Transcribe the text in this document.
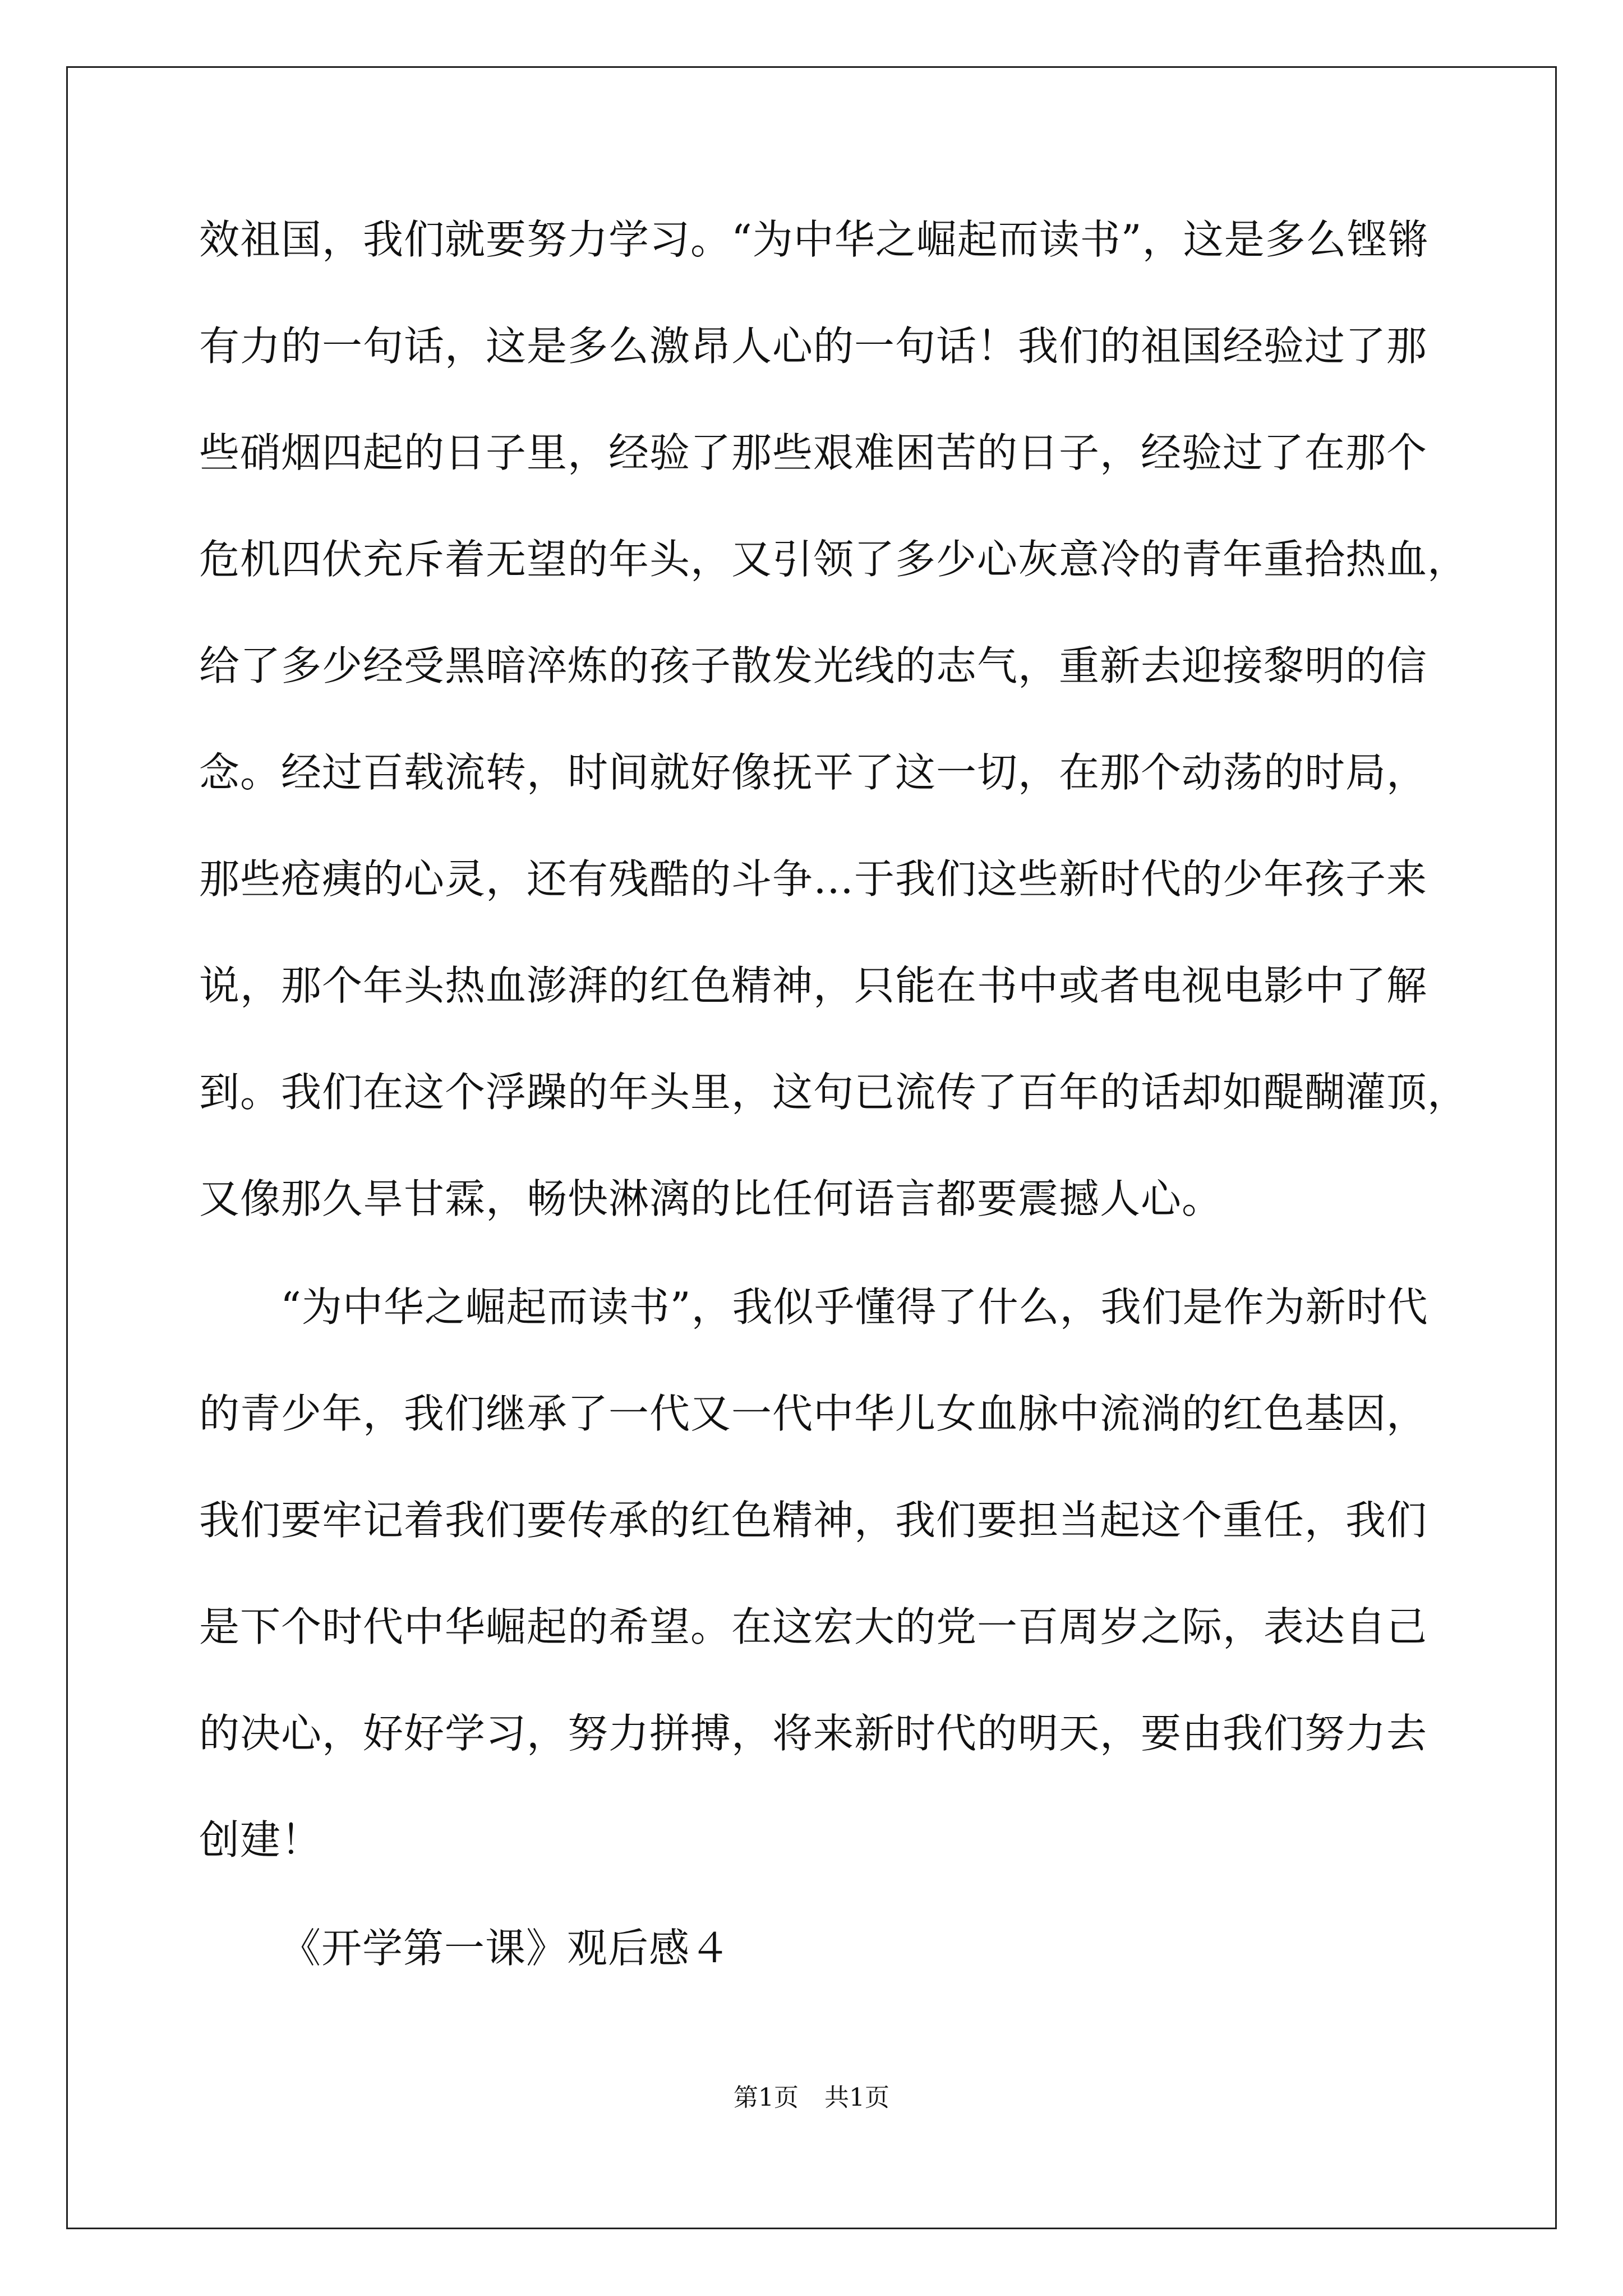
效祖国，我们就要努力学习。“为中华之崛起而读书”，这是多么铿锵
有力的一句话，这是多么激昂人心的一句话！我们的祖国经验过了那
些硝烟四起的日子里，经验了那些艰难困苦的日子，经验过了在那个
危机四伏充斥着无望的年头，又引领了多少心灰意冷的青年重拾热血，
给了多少经受黑暗淬炼的孩子散发光线的志气，重新去迎接黎明的信
念。经过百载流转，时间就好像抚平了这一切，在那个动荡的时局，
那些疮痍的心灵，还有残酷的斗争…于我们这些新时代的少年孩子来
说，那个年头热血澎湃的红色精神，只能在书中或者电视电影中了解
到。我们在这个浮躁的年头里，这句已流传了百年的话却如醍醐灌顶，
又像那久旱甘霖，畅快淋漓的比任何语言都要震撼人心。
“为中华之崛起而读书”，我似乎懂得了什么，我们是作为新时代
的青少年，我们继承了一代又一代中华儿女血脉中流淌的红色基因，
我们要牢记着我们要传承的红色精神，我们要担当起这个重任，我们
是下个时代中华崛起的希望。在这宏大的党一百周岁之际，表达自己
的决心，好好学习，努力拼搏，将来新时代的明天，要由我们努力去
创建！
《开学第一课》观后感４
第1页 共1页
